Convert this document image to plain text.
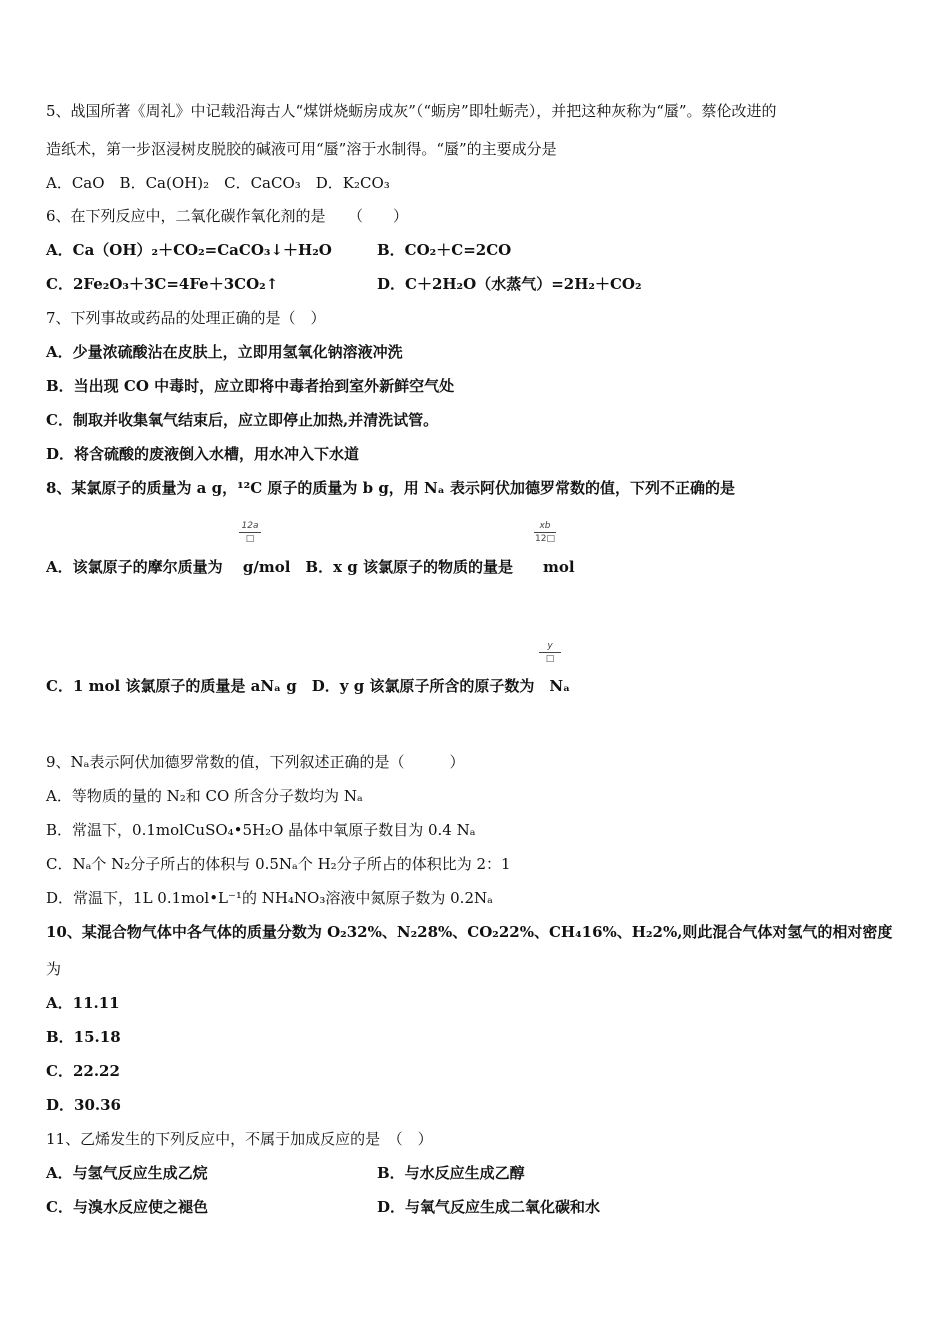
5、战国所著《周礼》中记载沿海古人“煤饼烧蛎房成灰”（“蛎房”即牡蛎壳），并把这种灰称为“蜃”。蔡伦改进的
造纸术，第一步沤浸树皮脱胶的碱液可用“蜃”溶于水制得。“蜃”的主要成分是
A．CaO　B．Ca(OH)₂　C．CaCO₃　D．K₂CO₃
6、在下列反应中，二氧化碳作氧化剂的是　　（　　）
A．Ca（OH）₂＋CO₂=CaCO₃↓＋H₂O	B．CO₂＋C=2CO
C．2Fe₂O₃＋3C=4Fe＋3CO₂↑	D．C＋2H₂O（水蒸气）=2H₂＋CO₂
7、下列事故或药品的处理正确的是（　）
A．少量浓硫酸沾在皮肤上，立即用氢氧化钠溶液冲洗
B．当出现 CO 中毒时，应立即将中毒者抬到室外新鲜空气处
C．制取并收集氧气结束后，应立即停止加热,并清洗试管。
D．将含硫酸的废液倒入水槽，用水冲入下水道
8、某氯原子的质量为 a g，¹²C 原子的质量为 b g，用 Nₐ 表示阿伏加德罗常数的值，下列不正确的是
12a
□	$\frac{xb}{12□}$
A．该氯原子的摩尔质量为　 g/mol　B．x g 该氯原子的物质的量是　　mol
y
□
C．1 mol 该氯原子的质量是 aNₐ g　D．y g 该氯原子所含的原子数为　Nₐ
9、Nₐ表示阿伏加德罗常数的值，下列叙述正确的是（　　　）
A．等物质的量的 N₂和 CO 所含分子数均为 Nₐ
B．常温下，0.1molCuSO₄•5H₂O 晶体中氧原子数目为 0.4 Nₐ
C．Nₐ个 N₂分子所占的体积与 0.5Nₐ个 H₂分子所占的体积比为 2：1
D．常温下，1L 0.1mol•L⁻¹的 NH₄NO₃溶液中氮原子数为 0.2Nₐ
10、某混合物气体中各气体的质量分数为 O₂32%、N₂28%、CO₂22%、CH₄16%、H₂2%,则此混合气体对氢气的相对密度
为
A．11.11
B．15.18
C．22.22
D．30.36
11、乙烯发生的下列反应中，不属于加成反应的是　（　）
A．与氢气反应生成乙烷	B．与水反应生成乙醇
C．与溴水反应使之褪色	D．与氧气反应生成二氧化碳和水
